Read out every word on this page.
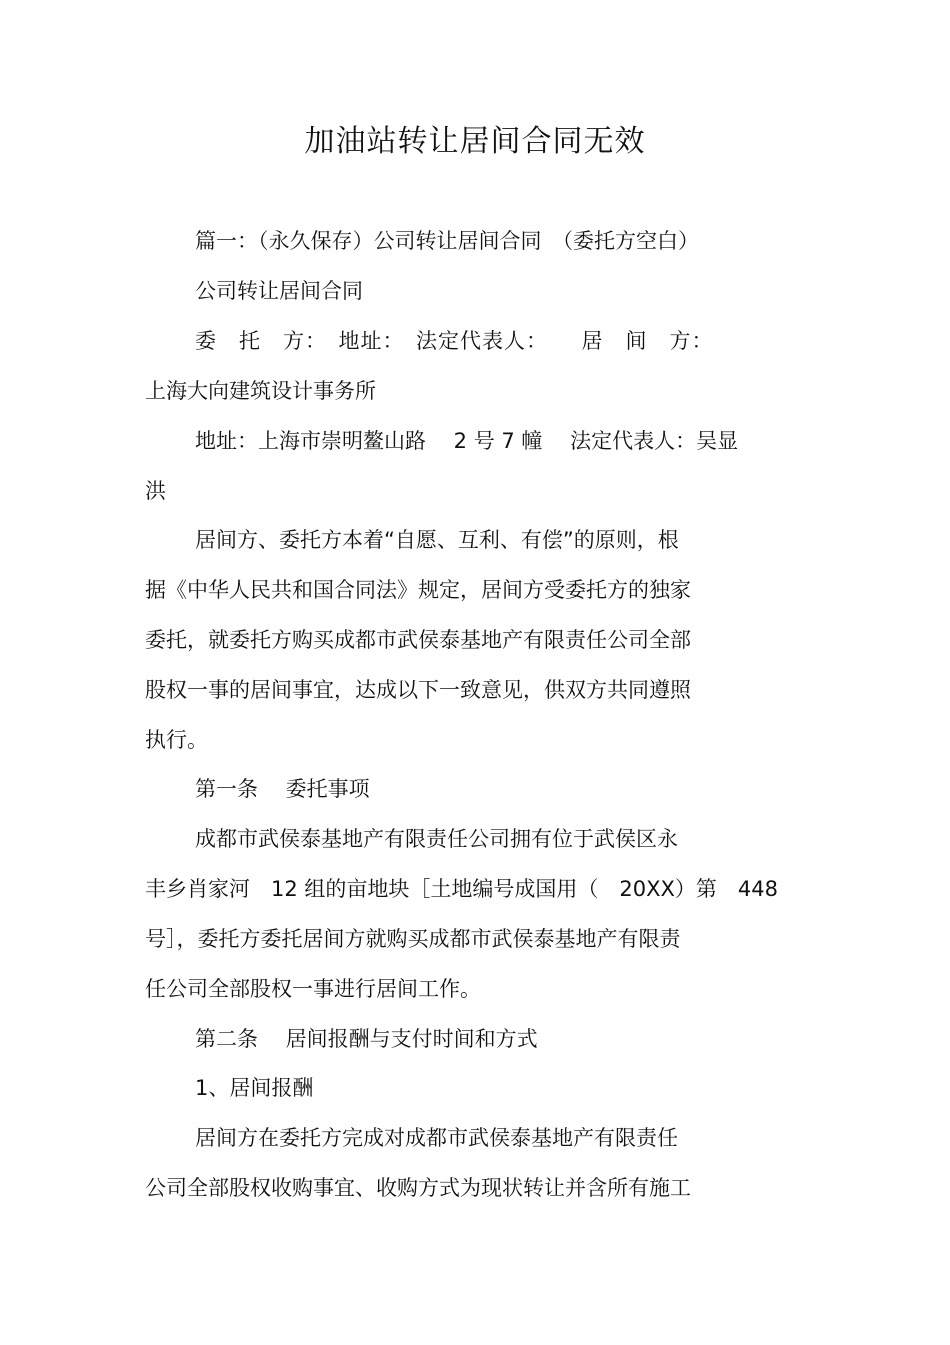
加油站转让居间合同无效
篇一：（永久保存）公司转让居间合同　（委托方空白）
公司转让居间合同
委　托　方：　地址：　法定代表人：　　居　间　方：
上海大向建筑设计事务所
地址：上海市崇明鳌山路　 2 号 7 幢　 法定代表人：吴显
洪
居间方、委托方本着“自愿、互利、有偿”的原则，根
据《中华人民共和国合同法》规定，居间方受委托方的独家
委托，就委托方购买成都市武侯泰基地产有限责任公司全部
股权一事的居间事宜，达成以下一致意见，供双方共同遵照
执行。
第一条　 委托事项
成都市武侯泰基地产有限责任公司拥有位于武侯区永
丰乡肖家河　12 组的亩地块［土地编号成国用（　20XX）第　448
号］，委托方委托居间方就购买成都市武侯泰基地产有限责
任公司全部股权一事进行居间工作。
第二条　 居间报酬与支付时间和方式
1、居间报酬
居间方在委托方完成对成都市武侯泰基地产有限责任
公司全部股权收购事宜、收购方式为现状转让并含所有施工
